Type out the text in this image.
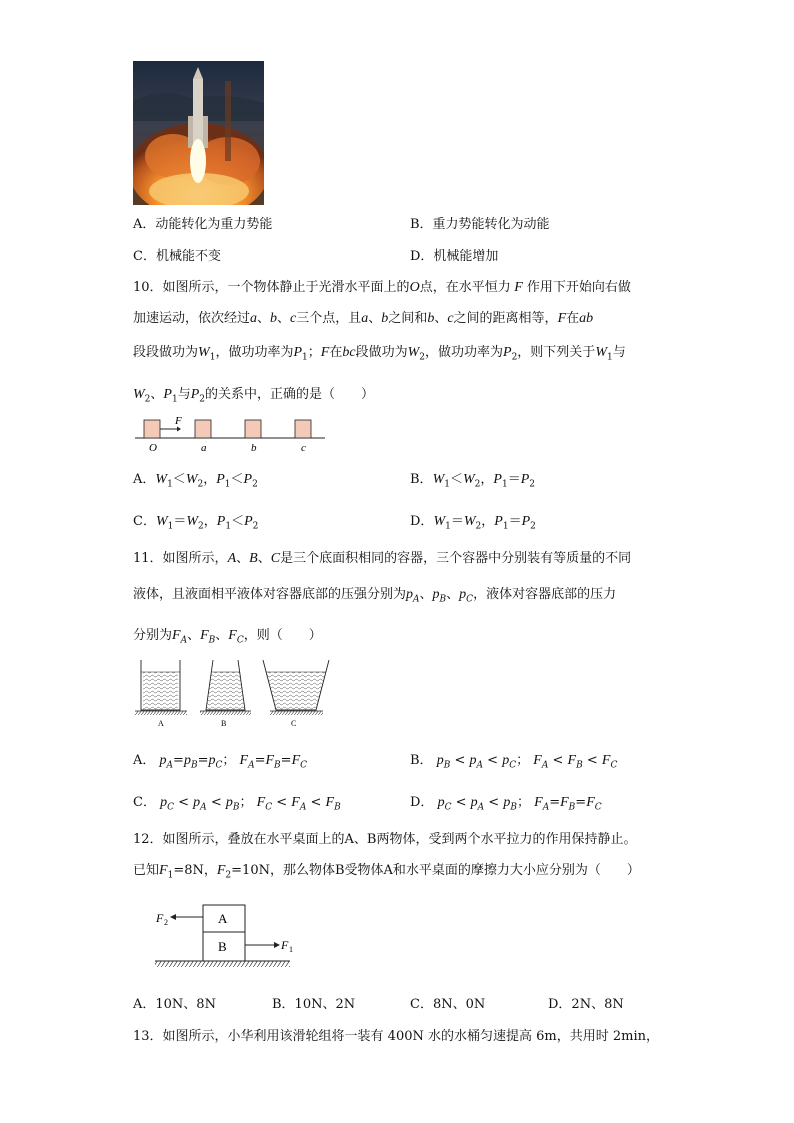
A．动能转化为重力势能	B．重力势能转化为动能
C．机械能不变	D．机械能增加
10．如图所示，一个物体静止于光滑水平面上的O点，在水平恒力 F 作用下开始向右做
加速运动，依次经过a、b、c三个点，且a、b之间和b、c之间的距离相等，F在ab
段段做功为$W_1$，做功功率为$P_1$；F在bc段做功为$W_2$，做功功率为$P_2$，则下列关于$W_1$与
$W_2$、$P_1$与$P_2$的关系中，正确的是（　　）
F
O	a	b	c
A．$W_1<W_2$，$P_1<P_2$	B．$W_1<W_2$，$P_1=P_2$
C．$W_1=W_2$，$P_1<P_2$	D．$W_1=W_2$，$P_1=P_2$
11．如图所示，A、B、C是三个底面积相同的容器，三个容器中分别装有等质量的不同
液体，且液面相平液体对容器底部的压强分别为$p_A$、$p_B$、$p_C$，液体对容器底部的压力
分别为$F_A$、$F_B$、$F_C$，则（　　）
A	B	C
A． $p_A=p_B=p_C$； $F_A=F_B=F_C$	B． $p_B < p_A < p_C$； $F_A < F_B < F_C$
C． $p_C < p_A < p_B$； $F_C < F_A < F_B$	D． $p_C < p_A < p_B$； $F_A=F_B=F_C$
12．如图所示，叠放在水平桌面上的A、B两物体，受到两个水平拉力的作用保持静止。
已知$F_1=8N$，$F_2=10N$，那么物体B受物体A和水平桌面的摩擦力大小应分别为（　　）
A
B
F 2
F 1
A．10N、8N	B．10N、2N	C．8N、0N	D．2N、8N
13．如图所示，小华利用该滑轮组将一装有 400N 水的水桶匀速提高 6m，共用时 2min，
